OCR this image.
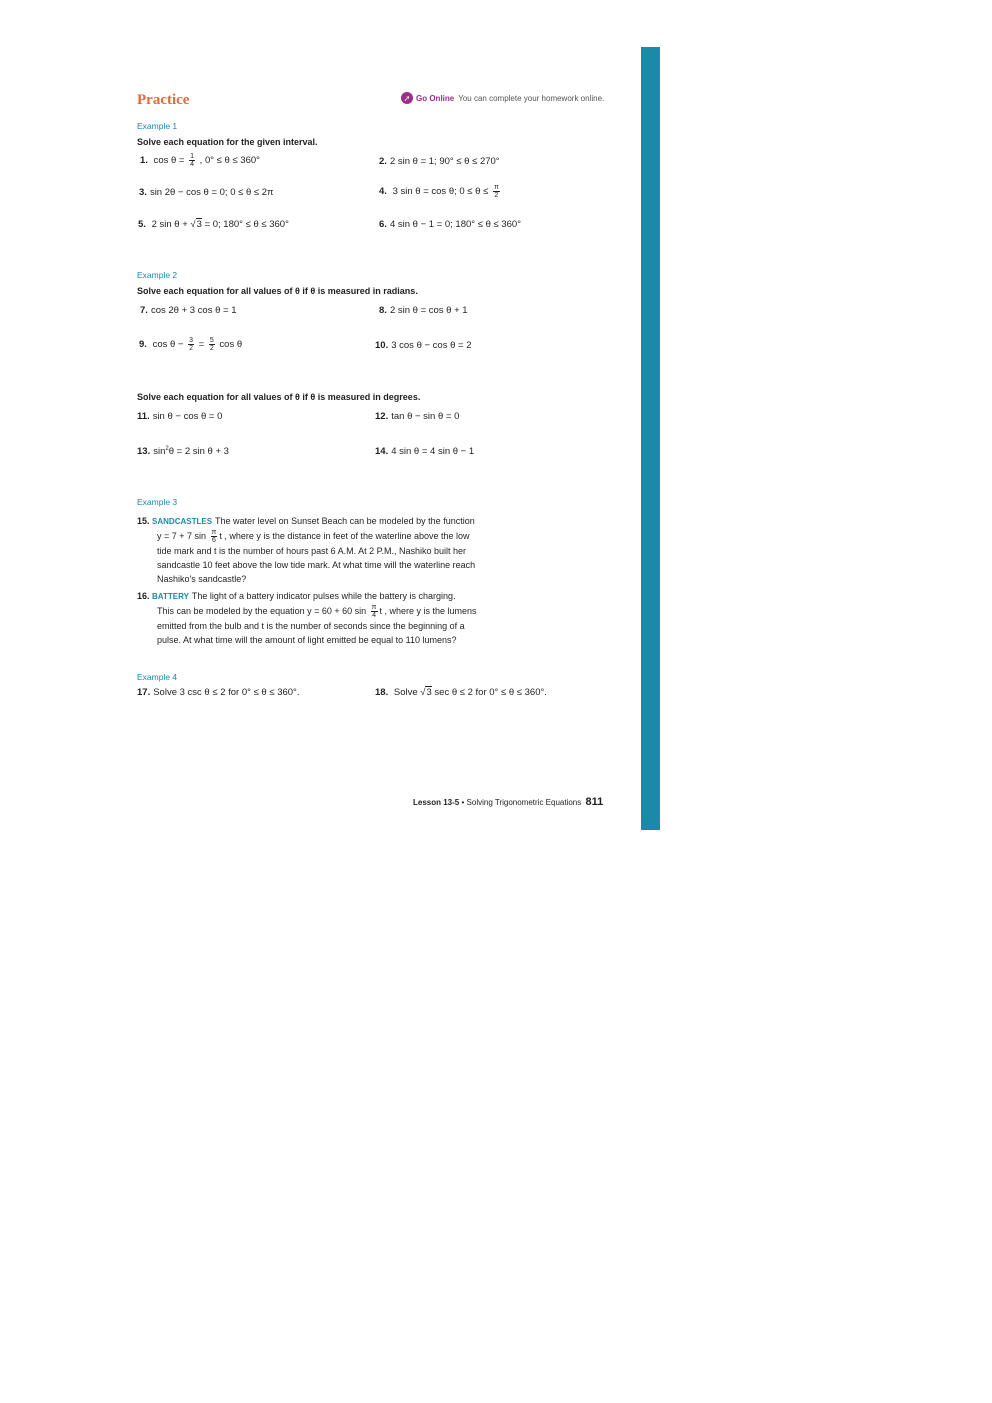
Practice	➚ Go Online You can complete your homework online.
Example 1
Solve each equation for the given interval.
1. $\cos \theta = \frac{1}{4}$ , 0° ≤ θ ≤ 360°	2. 2 sin θ = 1; 90° ≤ θ ≤ 270°
3. sin 2θ − cos θ = 0; 0 ≤ θ ≤ 2π	4. 3 sin θ = cos θ; $0 \le \theta \le \frac{\pi}{2}$
5. 2 sin θ + √3 = 0; 180° ≤ θ ≤ 360°	6. 4 sin θ − 1 = 0; 180° ≤ θ ≤ 360°
Example 2
Solve each equation for all values of θ if θ is measured in radians.
7. cos 2θ + 3 cos θ = 1	8. 2 sin θ = cos θ + 1
9. $\cos \theta - \frac{3}{2} = \frac{5}{2}$ cos θ	10. 3 cos θ − cos θ = 2
Solve each equation for all values of θ if θ is measured in degrees.
11. sin θ − cos θ = 0	12. tan θ − sin θ = 0
13. $\sin^2\theta = 2$ sin θ + 3	14. 4 sin θ = 4 sin θ − 1
Example 3
15. SANDCASTLES The water level on Sunset Beach can be modeled by the function
y = 7 + 7 $\sin \frac{\pi}{6}$ t , where y is the distance in feet of the waterline above the low
tide mark and t is the number of hours past 6 A.M. At 2 P.M., Nashiko built her
sandcastle 10 feet above the low tide mark. At what time will the waterline reach
Nashiko's sandcastle?
16. BATTERY The light of a battery indicator pulses while the battery is charging.
This can be modeled by the equation y = 60 + 60 $\sin \frac{\pi}{4}$ t , where y is the lumens
emitted from the bulb and t is the number of seconds since the beginning of a
pulse. At what time will the amount of light emitted be equal to 110 lumens?
Example 4
17. Solve 3 csc θ ≤ 2 for 0° ≤ θ ≤ 360°.	18. Solve √3 sec θ ≤ 2 for 0° ≤ θ ≤ 360°.
Lesson 13-5 • Solving Trigonometric Equations 811
